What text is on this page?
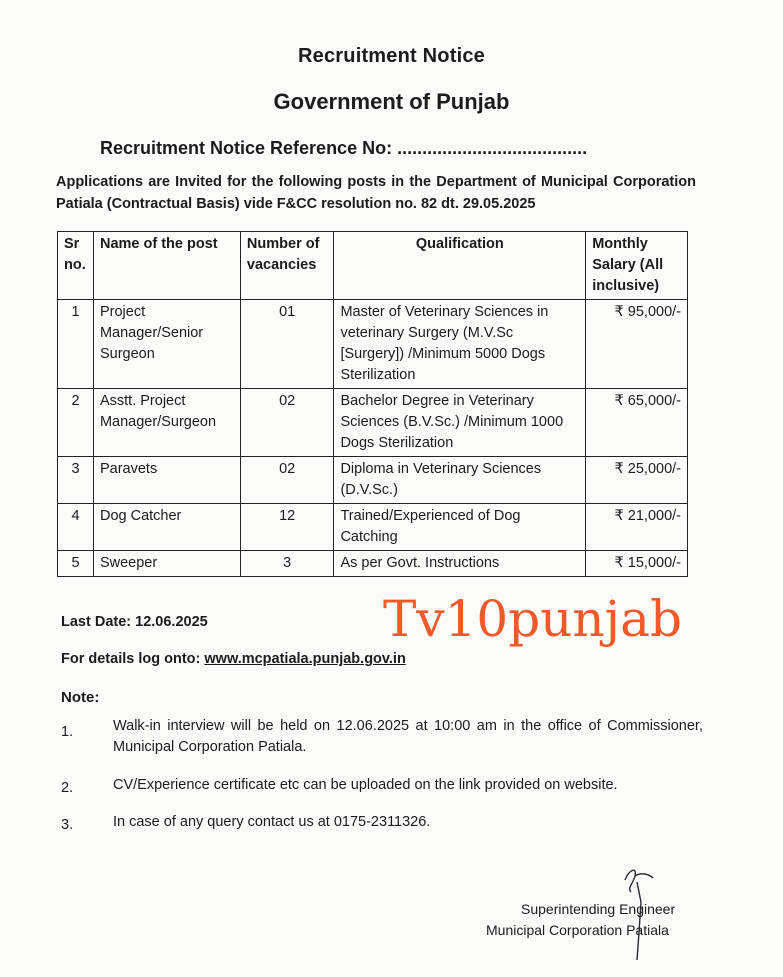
Recruitment Notice
Government of Punjab
Recruitment Notice Reference No: ......................................
Applications are Invited for the following posts in the Department of Municipal Corporation Patiala (Contractual Basis) vide F&CC resolution no. 82 dt. 29.05.2025
Sr no.	Name of the post	Number of vacancies	Qualification	Monthly Salary (All inclusive)
1	Project Manager/Senior Surgeon	01	Master of Veterinary Sciences in veterinary Surgery (M.V.Sc [Surgery]) /Minimum 5000 Dogs Sterilization	₹ 95,000/-
2	Asstt. Project Manager/Surgeon	02	Bachelor Degree in Veterinary Sciences (B.V.Sc.) /Minimum 1000 Dogs Sterilization	₹ 65,000/-
3	Paravets	02	Diploma in Veterinary Sciences (D.V.Sc.)	₹ 25,000/-
4	Dog Catcher	12	Trained/Experienced of Dog Catching	₹ 21,000/-
5	Sweeper	3	As per Govt. Instructions	₹ 15,000/-
Last Date: 12.06.2025	Tv10punjab
For details log onto: www.mcpatiala.punjab.gov.in
Note:
1.	Walk-in interview will be held on 12.06.2025 at 10:00 am in the office of Commissioner, Municipal Corporation Patiala.
2.	CV/Experience certificate etc can be uploaded on the link provided on website.
3.	In case of any query contact us at 0175-2311326.
Superintending Engineer
Municipal Corporation Patiala
